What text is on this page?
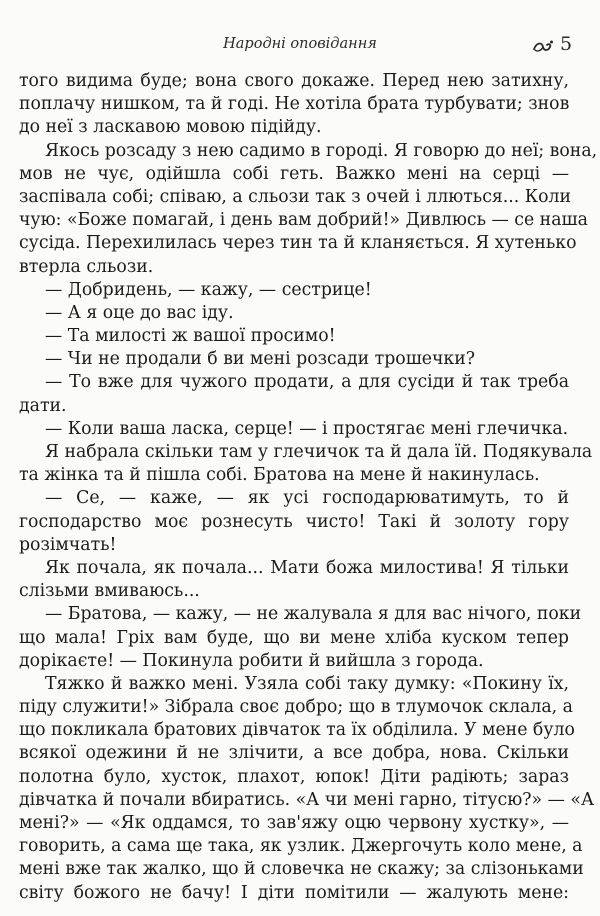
Народні оповідання	5
того видима буде; вона свого докаже. Перед нею затихну,
поплачу нишком, та й годі. Не хотіла брата турбувати; знов
до неї з ласкавою мовою підійду.
Якось розсаду з нею садимо в городі. Я говорю до неї; вона,
мов не чує, одійшла собі геть. Важко мені на серці —
заспівала собі; співаю, а сльози так з очей і ллються... Коли
чую: «Боже помагай, і день вам добрий!» Дивлюсь — се наша
сусіда. Перехилилась через тин та й кланяється. Я хутенько
втерла сльози.
— Добридень, — кажу, — сестрице!
— А я оце до вас іду.
— Та милості ж вашої просимо!
— Чи не продали б ви мені розсади трошечки?
— То вже для чужого продати, а для сусіди й так треба
дати.
— Коли ваша ласка, серце! — і простягає мені глечичка.
Я набрала скільки там у глечичок та й дала їй. Подякувала
та жінка та й пішла собі. Братова на мене й накинулась.
— Се, — каже, — як усі господарюватимуть, то й
господарство моє рознесуть чисто! Такі й золоту гору
розімчать!
Як почала, як почала... Мати божа милостива! Я тільки
слізьми вмиваюсь...
— Братова, — кажу, — не жалувала я для вас нічого, поки
що мала! Гріх вам буде, що ви мене хліба куском тепер
дорікаєте! — Покинула робити й вийшла з города.
Тяжко й важко мені. Узяла собі таку думку: «Покину їх,
піду служити!» Зібрала своє добро; що в тлумочок склала, а
що покликала братових дівчаток та їх обділила. У мене було
всякої одежини й не злічити, а все добра, нова. Скільки
полотна було, хусток, плахот, юпок! Діти радіють; зараз
дівчатка й почали вбиратись. «А чи мені гарно, тітусю?» — «А
мені?» — «Як оддамся, то зав'яжу оцю червону хустку», —
говорить, а сама ще така, як узлик. Джергочуть коло мене, а
мені вже так жалко, що й словечка не скажу; за слізоньками
світу божого не бачу! І діти помітили — жалують мене:
